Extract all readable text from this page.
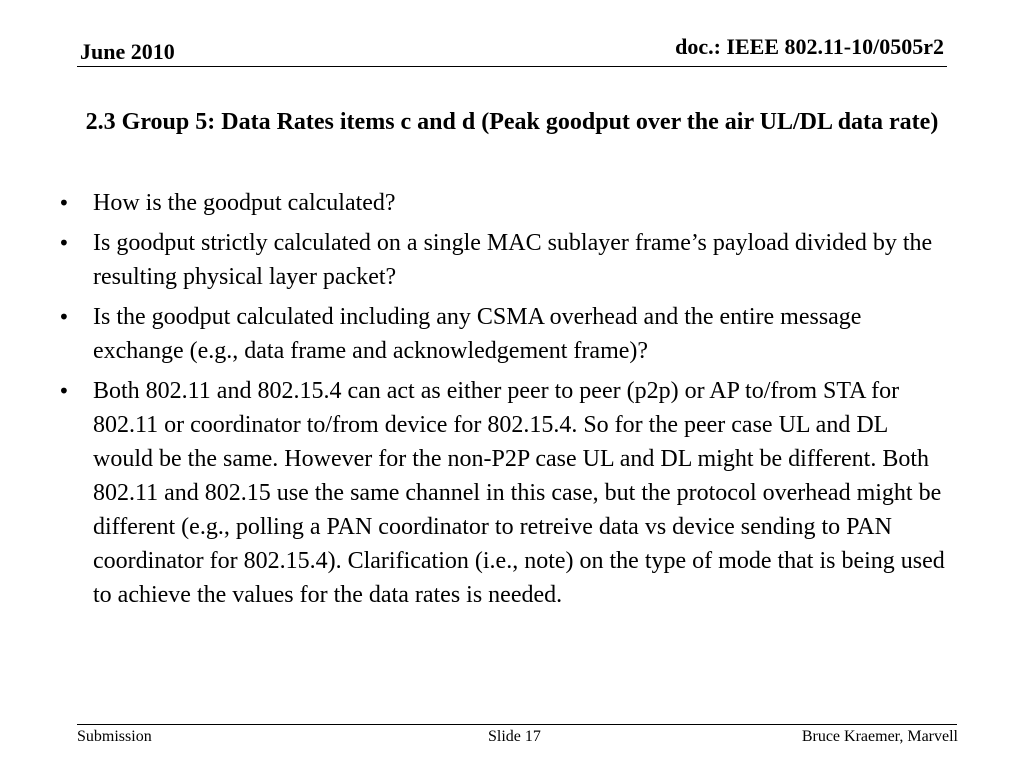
June 2010	doc.: IEEE 802.11-10/0505r2
2.3 Group 5: Data Rates items c and d (Peak goodput over the air UL/DL data rate)
• How is the goodput calculated?
• Is goodput strictly calculated on a single MAC sublayer frame’s payload divided by the resulting physical layer packet?
• Is the goodput calculated including any CSMA overhead and the entire message exchange (e.g., data frame and acknowledgement frame)?
• Both 802.11 and 802.15.4 can act as either peer to peer (p2p) or AP to/from STA for 802.11 or coordinator to/from device for 802.15.4. So for the peer case UL and DL would be the same. However for the non-P2P case UL and DL might be different. Both 802.11 and 802.15 use the same channel in this case, but the protocol overhead might be different (e.g., polling a PAN coordinator to retreive data vs device sending to PAN coordinator for 802.15.4). Clarification (i.e., note) on the type of mode that is being used to achieve the values for the data rates is needed.
Submission	Slide 17	Bruce Kraemer, Marvell
